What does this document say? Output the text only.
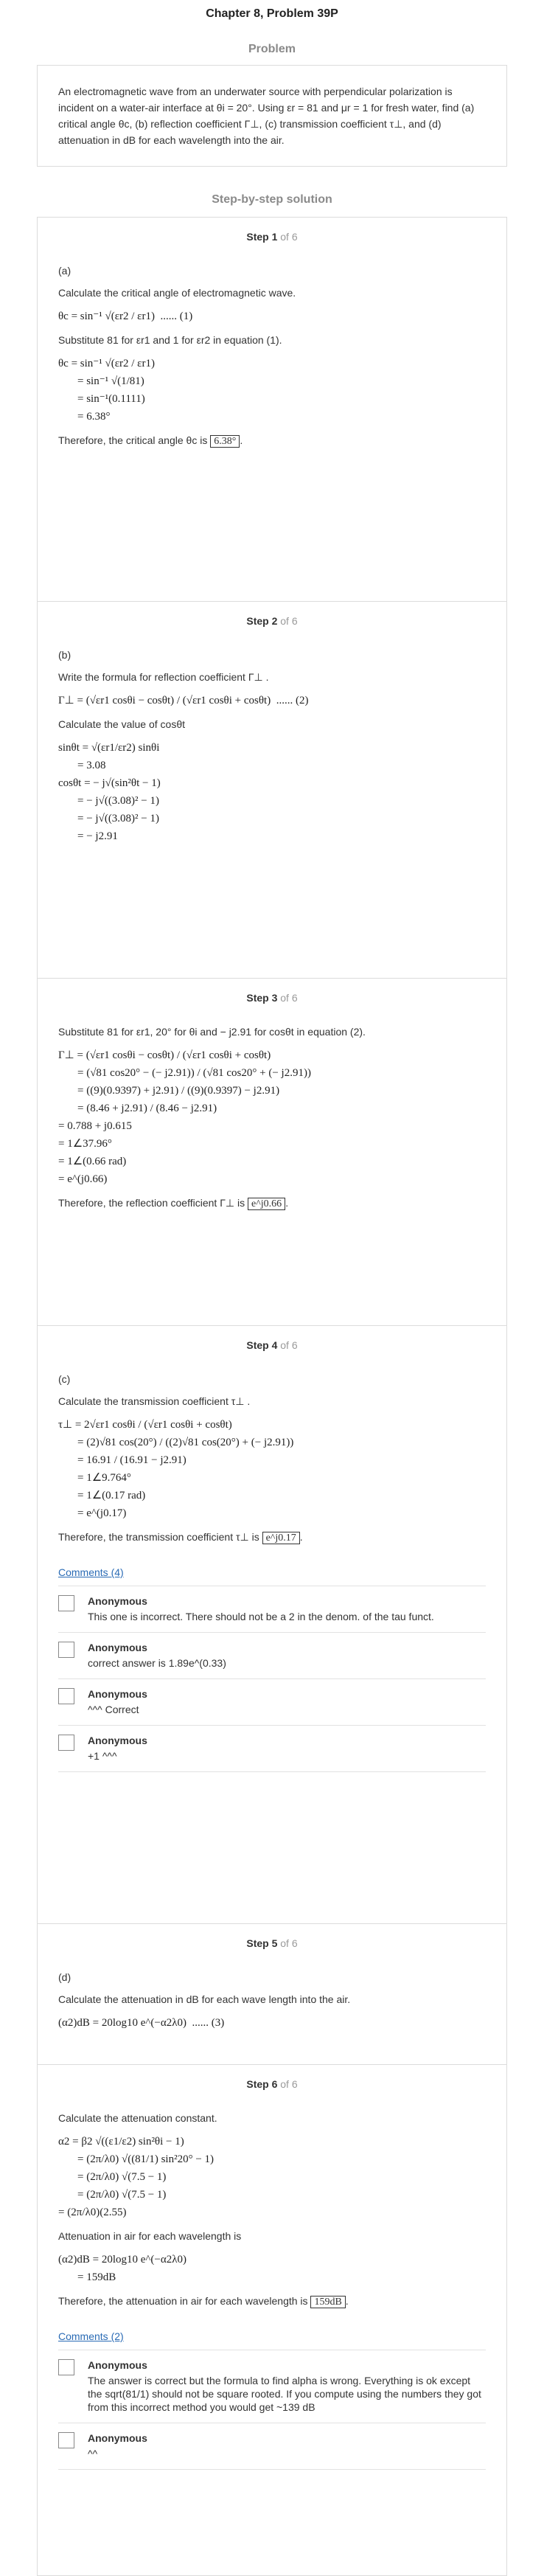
Chapter 8, Problem 39P
Problem
An electromagnetic wave from an underwater source with perpendicular polarization is incident on a water-air interface at θi = 20°. Using εr = 81 and μr = 1 for fresh water, find (a) critical angle θc, (b) reflection coefficient Γ⊥, (c) transmission coefficient τ⊥, and (d) attenuation in dB for each wavelength into the air.
Step-by-step solution
Step 1 of 6
(a)
Calculate the critical angle of electromagnetic wave.
θc = sin⁻¹ √(εr2 / εr1)  ...... (1)
Substitute 81 for εr1 and 1 for εr2 in equation (1).
θc = sin⁻¹ √(εr2 / εr1)
= sin⁻¹ √(1/81)
= sin⁻¹(0.1111)
= 6.38°
Therefore, the critical angle θc is 6.38° .
Step 2 of 6
(b)
Write the formula for reflection coefficient Γ⊥ .
Γ⊥ = (√εr1 cosθi − cosθt) / (√εr1 cosθi + cosθt)  ...... (2)
Calculate the value of cosθt
sinθt = √(εr1/εr2) sinθi
= 3.08
cosθt = − j√(sin²θt − 1)
= − j√((3.08)² − 1)
= − j√((3.08)² − 1)
= − j2.91
Step 3 of 6
Substitute 81 for εr1, 20° for θi and − j2.91 for cosθt in equation (2).
Γ⊥ = (√εr1 cosθi − cosθt) / (√εr1 cosθi + cosθt)
= (√81 cos20° − (− j2.91)) / (√81 cos20° + (− j2.91))
= ((9)(0.9397) + j2.91) / ((9)(0.9397) − j2.91)
= (8.46 + j2.91) / (8.46 − j2.91)
= 0.788 + j0.615
= 1∠37.96°
= 1∠(0.66 rad)
= e^(j0.66)
Therefore, the reflection coefficient Γ⊥ is e^j0.66 .
Step 4 of 6
(c)
Calculate the transmission coefficient τ⊥ .
τ⊥ = 2√εr1 cosθi / (√εr1 cosθi + cosθt)
= (2)√81 cos(20°) / ((2)√81 cos(20°) + (− j2.91))
= 16.91 / (16.91 − j2.91)
= 1∠9.764°
= 1∠(0.17 rad)
= e^(j0.17)
Therefore, the transmission coefficient τ⊥ is e^j0.17 .
Comments (4)
Anonymous
This one is incorrect. There should not be a 2 in the denom. of the tau funct.
Anonymous
correct answer is 1.89e^(0.33)
Anonymous
^^^ Correct
Anonymous
+1 ^^^
Step 5 of 6
(d)
Calculate the attenuation in dB for each wave length into the air.
(α2)dB = 20log10 e^(−α2λ0)  ...... (3)
Step 6 of 6
Calculate the attenuation constant.
α2 = β2 √((ε1/ε2) sin²θi − 1)
= (2π/λ0) √((81/1) sin²20° − 1)
= (2π/λ0) √(7.5 − 1)
= (2π/λ0) √(7.5 − 1)
= (2π/λ0)(2.55)
Attenuation in air for each wavelength is
(α2)dB = 20log10 e^(−α2λ0)
= 159dB
Therefore, the attenuation in air for each wavelength is 159dB .
Comments (2)
Anonymous
The answer is correct but the formula to find alpha is wrong. Everything is ok except the sqrt(81/1) should not be square rooted. If you compute using the numbers they got from this incorrect method you would get ~139 dB
Anonymous
^^
